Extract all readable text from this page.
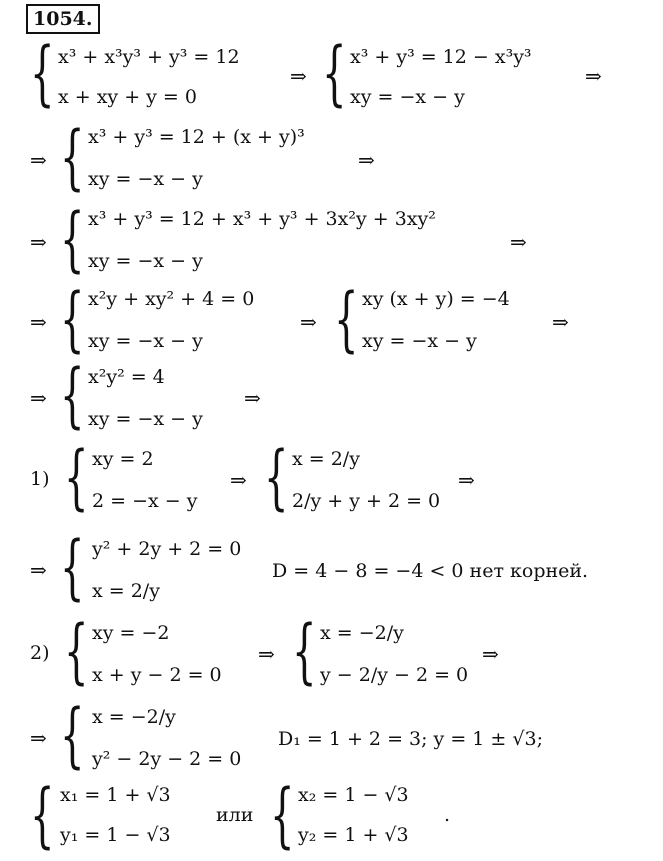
1054.
{ x³ + x³y³ + y³ = 12
x + xy + y = 0
⇒ { x³ + y³ = 12 − x³y³
xy = −x − y
⇒
⇒ { x³ + y³ = 12 + (x + y)³
xy = −x − y
⇒
⇒ { x³ + y³ = 12 + x³ + y³ + 3x²y + 3xy²
xy = −x − y
⇒
⇒ { x²y + xy² + 4 = 0
xy = −x − y
⇒ { xy (x + y) = −4
xy = −x − y
⇒
⇒ { x²y² = 4
xy = −x − y
⇒
1) { xy = 2
2 = −x − y
⇒ { x = 2/y
2/y + y + 2 = 0
⇒
⇒ { y² + 2y + 2 = 0
x = 2/y
D = 4 − 8 = −4 < 0 нет корней.
2) { xy = −2
x + y − 2 = 0
⇒ { x = −2/y
y − 2/y − 2 = 0
⇒
⇒ { x = −2/y
y² − 2y − 2 = 0
D₁ = 1 + 2 = 3; y = 1 ± √3;
{ x₁ = 1 + √3
y₁ = 1 − √3
или { x₂ = 1 − √3
y₂ = 1 + √3
.
